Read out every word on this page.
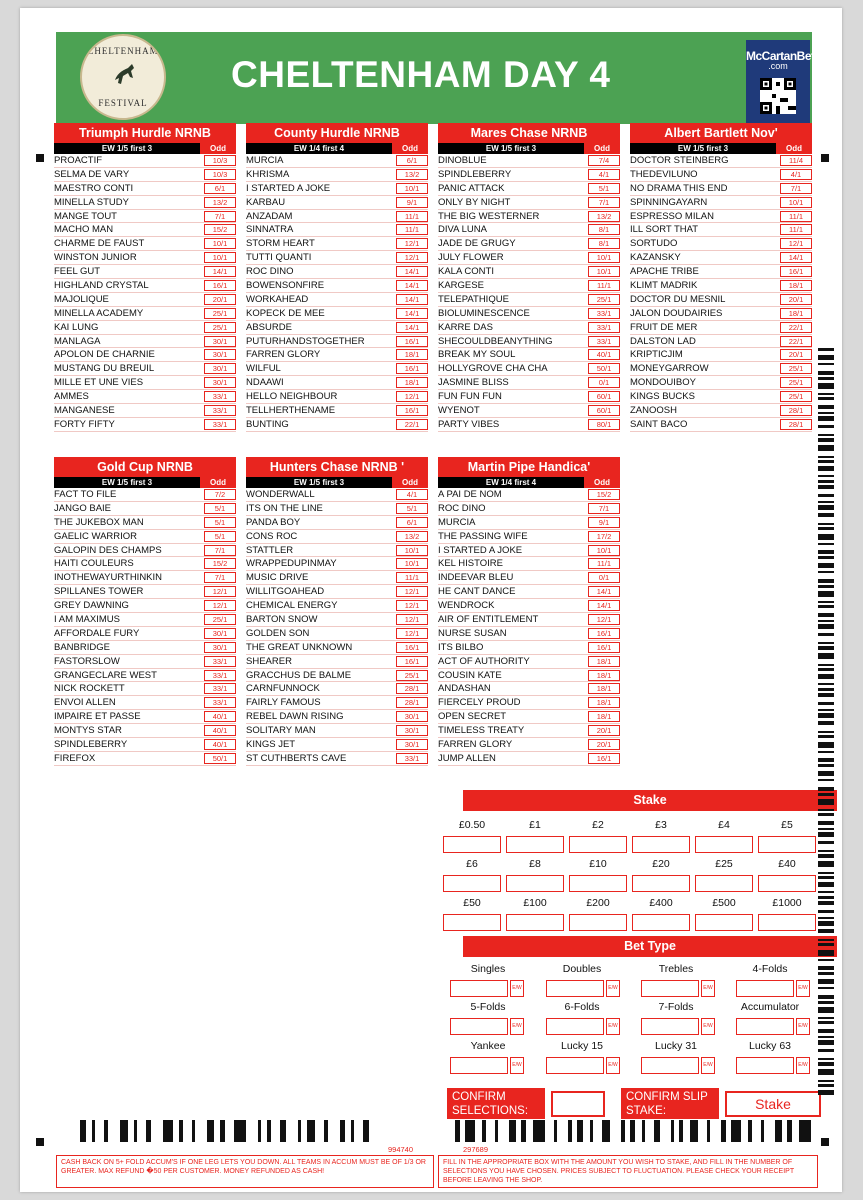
CHELTENHAM
FESTIVAL
CHELTENHAM DAY 4	McCartanBet
.com
Triumph Hurdle NRNB
EW 1/5 first 3	Odd
PROACTIF	10/3
SELMA DE VARY	10/3
MAESTRO CONTI	6/1
MINELLA STUDY	13/2
MANGE TOUT	7/1
MACHO MAN	15/2
CHARME DE FAUST	10/1
WINSTON JUNIOR	10/1
FEEL GUT	14/1
HIGHLAND CRYSTAL	16/1
MAJOLIQUE	20/1
MINELLA ACADEMY	25/1
KAI LUNG	25/1
MANLAGA	30/1
APOLON DE CHARNIE	30/1
MUSTANG DU BREUIL	30/1
MILLE ET UNE VIES	30/1
AMMES	33/1
MANGANESE	33/1
FORTY FIFTY	33/1
County Hurdle NRNB
EW 1/4 first 4	Odd
MURCIA	6/1
KHRISMA	13/2
I STARTED A JOKE	10/1
KARBAU	9/1
ANZADAM	11/1
SINNATRA	11/1
STORM HEART	12/1
TUTTI QUANTI	12/1
ROC DINO	14/1
BOWENSONFIRE	14/1
WORKAHEAD	14/1
KOPECK DE MEE	14/1
ABSURDE	14/1
PUTURHANDSTOGETHER	16/1
FARREN GLORY	18/1
WILFUL	16/1
NDAAWI	18/1
HELLO NEIGHBOUR	12/1
TELLHERTHENAME	16/1
BUNTING	22/1
Mares Chase NRNB
EW 1/5 first 3	Odd
DINOBLUE	7/4
SPINDLEBERRY	4/1
PANIC ATTACK	5/1
ONLY BY NIGHT	7/1
THE BIG WESTERNER	13/2
DIVA LUNA	8/1
JADE DE GRUGY	8/1
JULY FLOWER	10/1
KALA CONTI	10/1
KARGESE	11/1
TELEPATHIQUE	25/1
BIOLUMINESCENCE	33/1
KARRE DAS	33/1
SHECOULDBEANYTHING	33/1
BREAK MY SOUL	40/1
HOLLYGROVE CHA CHA	50/1
JASMINE BLISS	0/1
FUN FUN FUN	60/1
WYENOT	60/1
PARTY VIBES	80/1
Albert Bartlett Nov'
EW 1/5 first 3	Odd
DOCTOR STEINBERG	11/4
THEDEVILUNO	4/1
NO DRAMA THIS END	7/1
SPINNINGAYARN	10/1
ESPRESSO MILAN	11/1
ILL SORT THAT	11/1
SORTUDO	12/1
KAZANSKY	14/1
APACHE TRIBE	16/1
KLIMT MADRIK	18/1
DOCTOR DU MESNIL	20/1
JALON DOUDAIRIES	18/1
FRUIT DE MER	22/1
DALSTON LAD	22/1
KRIPTICJIM	20/1
MONEYGARROW	25/1
MONDOUIBOY	25/1
KINGS BUCKS	25/1
ZANOOSH	28/1
SAINT BACO	28/1
Gold Cup NRNB
EW 1/5 first 3	Odd
FACT TO FILE	7/2
JANGO BAIE	5/1
THE JUKEBOX MAN	5/1
GAELIC WARRIOR	5/1
GALOPIN DES CHAMPS	7/1
HAITI COULEURS	15/2
INOTHEWAYURTHINKIN	7/1
SPILLANES TOWER	12/1
GREY DAWNING	12/1
I AM MAXIMUS	25/1
AFFORDALE FURY	30/1
BANBRIDGE	30/1
FASTORSLOW	33/1
GRANGECLARE WEST	33/1
NICK ROCKETT	33/1
ENVOI ALLEN	33/1
IMPAIRE ET PASSE	40/1
MONTYS STAR	40/1
SPINDLEBERRY	40/1
FIREFOX	50/1
Hunters Chase NRNB '
EW 1/5 first 3	Odd
WONDERWALL	4/1
ITS ON THE LINE	5/1
PANDA BOY	6/1
CONS ROC	13/2
STATTLER	10/1
WRAPPEDUPINMAY	10/1
MUSIC DRIVE	11/1
WILLITGOAHEAD	12/1
CHEMICAL ENERGY	12/1
BARTON SNOW	12/1
GOLDEN SON	12/1
THE GREAT UNKNOWN	16/1
SHEARER	16/1
GRACCHUS DE BALME	25/1
CARNFUNNOCK	28/1
FAIRLY FAMOUS	28/1
REBEL DAWN RISING	30/1
SOLITARY MAN	30/1
KINGS JET	30/1
ST CUTHBERTS CAVE	33/1
Martin Pipe Handica'
EW 1/4 first 4	Odd
A PAI DE NOM	15/2
ROC DINO	7/1
MURCIA	9/1
THE PASSING WIFE	17/2
I STARTED A JOKE	10/1
KEL HISTOIRE	11/1
INDEEVAR BLEU	0/1
HE CANT DANCE	14/1
WENDROCK	14/1
AIR OF ENTITLEMENT	12/1
NURSE SUSAN	16/1
ITS BILBO	16/1
ACT OF AUTHORITY	18/1
COUSIN KATE	18/1
ANDASHAN	18/1
FIERCELY PROUD	18/1
OPEN SECRET	18/1
TIMELESS TREATY	20/1
FARREN GLORY	20/1
JUMP ALLEN	16/1
Stake
£0.50	£1	£2	£3	£4	£5
£6	£8	£10	£20	£25	£40
£50	£100	£200	£400	£500	£1000
Bet Type
Singles
E/W
Doubles
E/W
Trebles
E/W
4-Folds
E/W
5-Folds
E/W
6-Folds
E/W
7-Folds
E/W
Accumulator
E/W
Yankee
E/W
Lucky 15
E/W
Lucky 31
E/W
Lucky 63
E/W
CONFIRM
SELECTIONS:
CONFIRM SLIP
STAKE:	Stake
994740	297689
CASH BACK ON 5+ FOLD ACCUM'S IF ONE LEG LETS YOU DOWN. ALL TEAMS IN ACCUM MUST BE OF 1/3 OR GREATER. MAX REFUND �50 PER CUSTOMER. MONEY REFUNDED AS CASH!
FILL IN THE APPROPRIATE BOX WITH THE AMOUNT YOU WISH TO STAKE, AND FILL IN THE NUMBER OF SELECTIONS YOU HAVE CHOSEN. PRICES SUBJECT TO FLUCTUATION. PLEASE CHECK YOUR RECEIPT BEFORE LEAVING THE SHOP.
